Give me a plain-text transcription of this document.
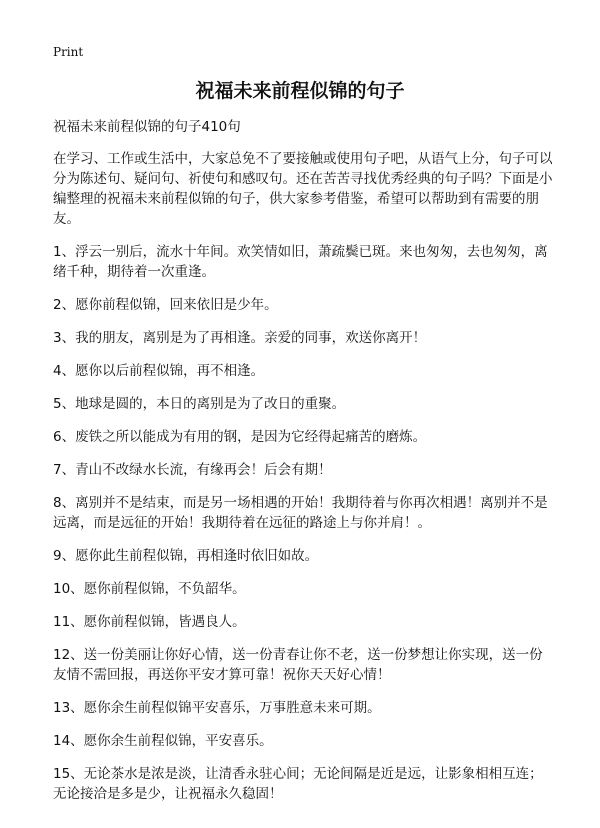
Print
祝福未来前程似锦的句子

祝福未来前程似锦的句子410句

在学习、工作或生活中，大家总免不了要接触或使用句子吧，从语气上分，句子可以分为陈述句、疑问句、祈使句和感叹句。还在苦苦寻找优秀经典的句子吗？下面是小编整理的祝福未来前程似锦的句子，供大家参考借鉴，希望可以帮助到有需要的朋友。

1、浮云一别后，流水十年间。欢笑情如旧，萧疏鬓已斑。来也匆匆，去也匆匆，离绪千种，期待着一次重逢。

2、愿你前程似锦，回来依旧是少年。

3、我的朋友，离别是为了再相逢。亲爱的同事，欢送你离开！

4、愿你以后前程似锦，再不相逢。

5、地球是圆的，本日的离别是为了改日的重聚。

6、废铁之所以能成为有用的钢，是因为它经得起痛苦的磨炼。

7、青山不改绿水长流，有缘再会！后会有期！

8、离别并不是结束，而是另一场相遇的开始！我期待着与你再次相遇！离别并不是远离，而是远征的开始！我期待着在远征的路途上与你并肩！。

9、愿你此生前程似锦，再相逢时依旧如故。

10、愿你前程似锦，不负韶华。

11、愿你前程似锦，皆遇良人。

12、送一份美丽让你好心情，送一份青春让你不老，送一份梦想让你实现，送一份友情不需回报，再送你平安才算可靠！祝你天天好心情！

13、愿你余生前程似锦平安喜乐，万事胜意未来可期。

14、愿你余生前程似锦，平安喜乐。

15、无论茶水是浓是淡，让清香永驻心间；无论间隔是近是远，让影象相相互连；无论接洽是多是少，让祝福永久稳固！
